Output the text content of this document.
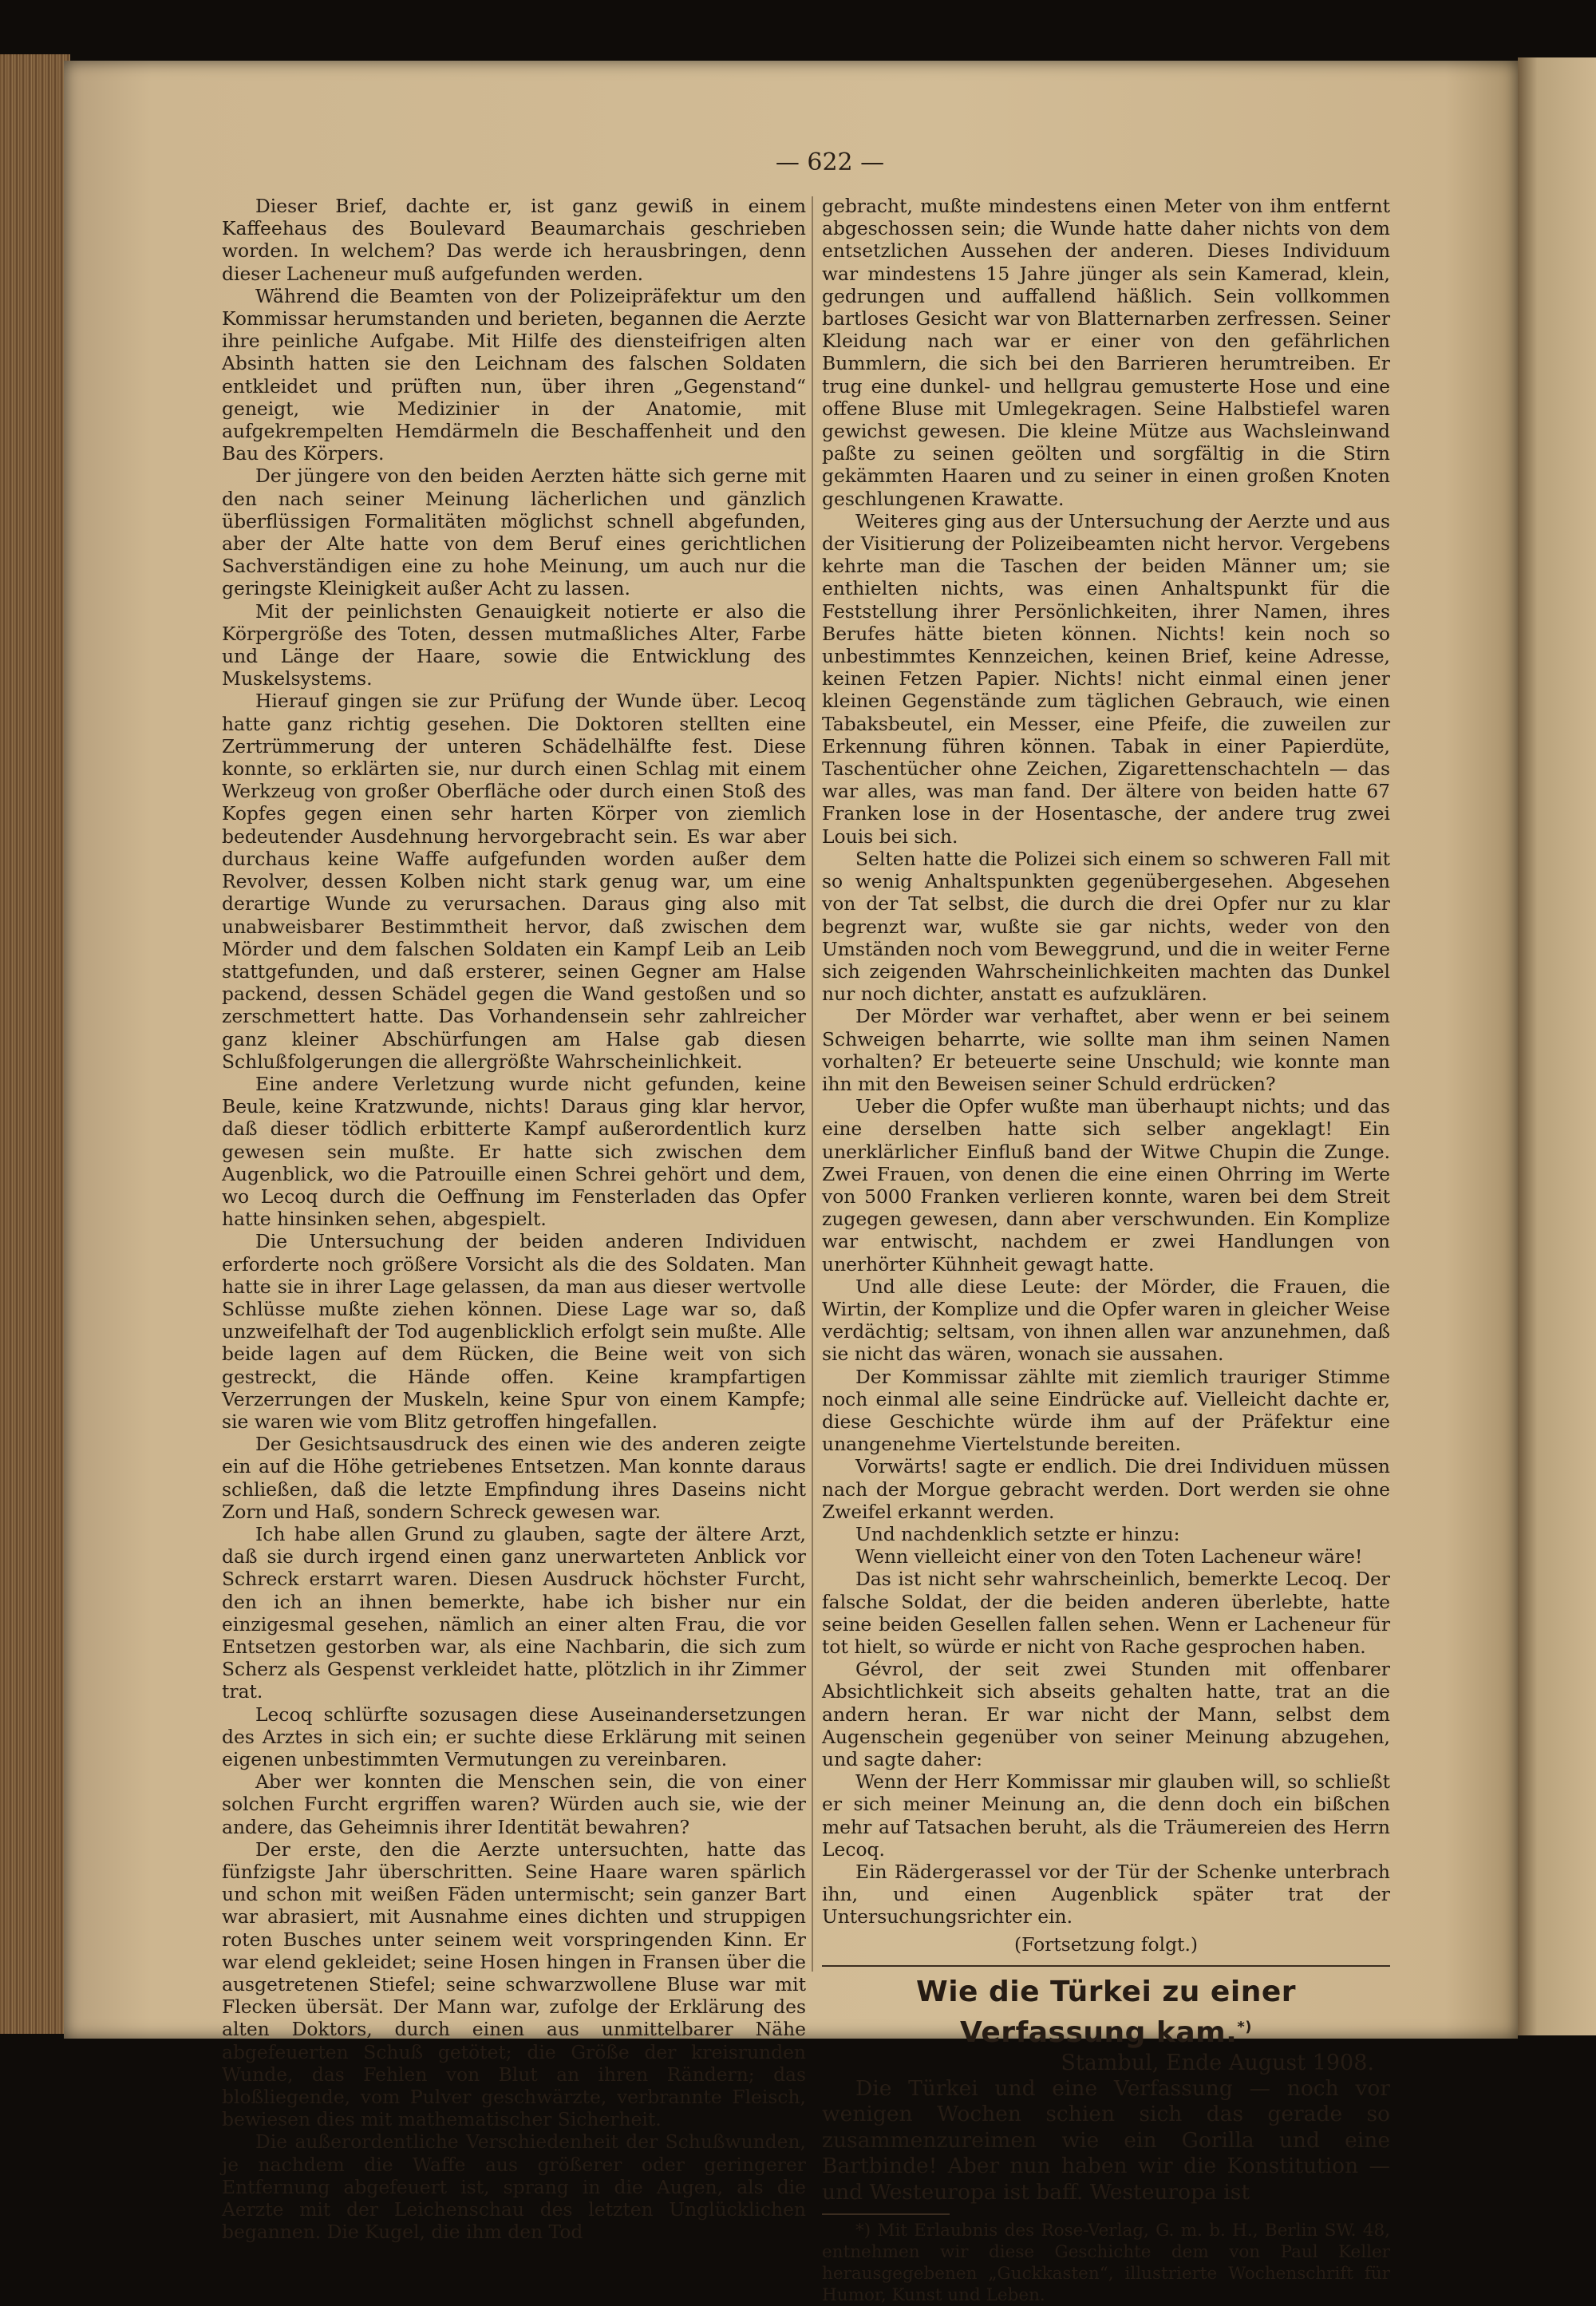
— 622 —

Dieser Brief, dachte er, ist ganz gewiß in einem Kaffeehaus des Boulevard Beaumarchais geschrieben worden. In welchem? Das werde ich herausbringen, denn dieser Lacheneur muß aufgefunden werden.

Während die Beamten von der Polizeipräfektur um den Kommissar herumstanden und berieten, begannen die Aerzte ihre peinliche Aufgabe. Mit Hilfe des diensteifrigen alten Absinth hatten sie den Leichnam des falschen Soldaten entkleidet und prüften nun, über ihren „Gegenstand“ geneigt, wie Medizinier in der Anatomie, mit aufgekrempelten Hemdärmeln die Beschaffenheit und den Bau des Körpers.

Der jüngere von den beiden Aerzten hätte sich gerne mit den nach seiner Meinung lächerlichen und gänzlich überflüssigen Formalitäten möglichst schnell abgefunden, aber der Alte hatte von dem Beruf eines gerichtlichen Sachverständigen eine zu hohe Meinung, um auch nur die geringste Kleinigkeit außer Acht zu lassen.

Mit der peinlichsten Genauigkeit notierte er also die Körpergröße des Toten, dessen mutmaßliches Alter, Farbe und Länge der Haare, sowie die Entwicklung des Muskelsystems.

Hierauf gingen sie zur Prüfung der Wunde über. Lecoq hatte ganz richtig gesehen. Die Doktoren stellten eine Zertrümmerung der unteren Schädelhälfte fest. Diese konnte, so erklärten sie, nur durch einen Schlag mit einem Werkzeug von großer Oberfläche oder durch einen Stoß des Kopfes gegen einen sehr harten Körper von ziemlich bedeutender Ausdehnung hervorgebracht sein. Es war aber durchaus keine Waffe aufgefunden worden außer dem Revolver, dessen Kolben nicht stark genug war, um eine derartige Wunde zu verursachen. Daraus ging also mit unabweisbarer Bestimmtheit hervor, daß zwischen dem Mörder und dem falschen Soldaten ein Kampf Leib an Leib stattgefunden, und daß ersterer, seinen Gegner am Halse packend, dessen Schädel gegen die Wand gestoßen und so zerschmettert hatte. Das Vorhandensein sehr zahlreicher ganz kleiner Abschürfungen am Halse gab diesen Schlußfolgerungen die allergrößte Wahrscheinlichkeit.

Eine andere Verletzung wurde nicht gefunden, keine Beule, keine Kratzwunde, nichts! Daraus ging klar hervor, daß dieser tödlich erbitterte Kampf außerordentlich kurz gewesen sein mußte. Er hatte sich zwischen dem Augenblick, wo die Patrouille einen Schrei gehört und dem, wo Lecoq durch die Oeffnung im Fensterladen das Opfer hatte hinsinken sehen, abgespielt.

Die Untersuchung der beiden anderen Individuen erforderte noch größere Vorsicht als die des Soldaten. Man hatte sie in ihrer Lage gelassen, da man aus dieser wertvolle Schlüsse mußte ziehen können. Diese Lage war so, daß unzweifelhaft der Tod augenblicklich erfolgt sein mußte. Alle beide lagen auf dem Rücken, die Beine weit von sich gestreckt, die Hände offen. Keine krampfartigen Verzerrungen der Muskeln, keine Spur von einem Kampfe; sie waren wie vom Blitz getroffen hingefallen.

Der Gesichtsausdruck des einen wie des anderen zeigte ein auf die Höhe getriebenes Entsetzen. Man konnte daraus schließen, daß die letzte Empfindung ihres Daseins nicht Zorn und Haß, sondern Schreck gewesen war.

Ich habe allen Grund zu glauben, sagte der ältere Arzt, daß sie durch irgend einen ganz unerwarteten Anblick vor Schreck erstarrt waren. Diesen Ausdruck höchster Furcht, den ich an ihnen bemerkte, habe ich bisher nur ein einzigesmal gesehen, nämlich an einer alten Frau, die vor Entsetzen gestorben war, als eine Nachbarin, die sich zum Scherz als Gespenst verkleidet hatte, plötzlich in ihr Zimmer trat.

Lecoq schlürfte sozusagen diese Auseinandersetzungen des Arztes in sich ein; er suchte diese Erklärung mit seinen eigenen unbestimmten Vermutungen zu vereinbaren.

Aber wer konnten die Menschen sein, die von einer solchen Furcht ergriffen waren? Würden auch sie, wie der andere, das Geheimnis ihrer Identität bewahren?

Der erste, den die Aerzte untersuchten, hatte das fünfzigste Jahr überschritten. Seine Haare waren spärlich und schon mit weißen Fäden untermischt; sein ganzer Bart war abrasiert, mit Ausnahme eines dichten und struppigen roten Busches unter seinem weit vorspringenden Kinn. Er war elend gekleidet; seine Hosen hingen in Fransen über die ausgetretenen Stiefel; seine schwarzwollene Bluse war mit Flecken übersät. Der Mann war, zufolge der Erklärung des alten Doktors, durch einen aus unmittelbarer Nähe abgefeuerten Schuß getötet; die Größe der kreisrunden Wunde, das Fehlen von Blut an ihren Rändern; das bloßliegende, vom Pulver geschwärzte, verbrannte Fleisch, bewiesen dies mit mathematischer Sicherheit.

Die außerordentliche Verschiedenheit der Schußwunden, je nachdem die Waffe aus größerer oder geringerer Entfernung abgefeuert ist, sprang in die Augen, als die Aerzte mit der Leichenschau des letzten Unglücklichen begannen. Die Kugel, die ihm den Tod

gebracht, mußte mindestens einen Meter von ihm entfernt abgeschossen sein; die Wunde hatte daher nichts von dem entsetzlichen Aussehen der anderen. Dieses Individuum war mindestens 15 Jahre jünger als sein Kamerad, klein, gedrungen und auffallend häßlich. Sein vollkommen bartloses Gesicht war von Blatternarben zerfressen. Seiner Kleidung nach war er einer von den gefährlichen Bummlern, die sich bei den Barrieren herumtreiben. Er trug eine dunkel- und hellgrau gemusterte Hose und eine offene Bluse mit Umlegekragen. Seine Halbstiefel waren gewichst gewesen. Die kleine Mütze aus Wachsleinwand paßte zu seinen geölten und sorgfältig in die Stirn gekämmten Haaren und zu seiner in einen großen Knoten geschlungenen Krawatte.

Weiteres ging aus der Untersuchung der Aerzte und aus der Visitierung der Polizeibeamten nicht hervor. Vergebens kehrte man die Taschen der beiden Männer um; sie enthielten nichts, was einen Anhaltspunkt für die Feststellung ihrer Persönlichkeiten, ihrer Namen, ihres Berufes hätte bieten können. Nichts! kein noch so unbestimmtes Kennzeichen, keinen Brief, keine Adresse, keinen Fetzen Papier. Nichts! nicht einmal einen jener kleinen Gegenstände zum täglichen Gebrauch, wie einen Tabaksbeutel, ein Messer, eine Pfeife, die zuweilen zur Erkennung führen können. Tabak in einer Papierdüte, Taschentücher ohne Zeichen, Zigarettenschachteln — das war alles, was man fand. Der ältere von beiden hatte 67 Franken lose in der Hosentasche, der andere trug zwei Louis bei sich.

Selten hatte die Polizei sich einem so schweren Fall mit so wenig Anhaltspunkten gegenübergesehen. Abgesehen von der Tat selbst, die durch die drei Opfer nur zu klar begrenzt war, wußte sie gar nichts, weder von den Umständen noch vom Beweggrund, und die in weiter Ferne sich zeigenden Wahrscheinlichkeiten machten das Dunkel nur noch dichter, anstatt es aufzuklären.

Der Mörder war verhaftet, aber wenn er bei seinem Schweigen beharrte, wie sollte man ihm seinen Namen vorhalten? Er beteuerte seine Unschuld; wie konnte man ihn mit den Beweisen seiner Schuld erdrücken?

Ueber die Opfer wußte man überhaupt nichts; und das eine derselben hatte sich selber angeklagt! Ein unerklärlicher Einfluß band der Witwe Chupin die Zunge. Zwei Frauen, von denen die eine einen Ohrring im Werte von 5000 Franken verlieren konnte, waren bei dem Streit zugegen gewesen, dann aber verschwunden. Ein Komplize war entwischt, nachdem er zwei Handlungen von unerhörter Kühnheit gewagt hatte.

Und alle diese Leute: der Mörder, die Frauen, die Wirtin, der Komplize und die Opfer waren in gleicher Weise verdächtig; seltsam, von ihnen allen war anzunehmen, daß sie nicht das wären, wonach sie aussahen.

Der Kommissar zählte mit ziemlich trauriger Stimme noch einmal alle seine Eindrücke auf. Vielleicht dachte er, diese Geschichte würde ihm auf der Präfektur eine unangenehme Viertelstunde bereiten.

Vorwärts! sagte er endlich. Die drei Individuen müssen nach der Morgue gebracht werden. Dort werden sie ohne Zweifel erkannt werden.

Und nachdenklich setzte er hinzu:

Wenn vielleicht einer von den Toten Lacheneur wäre!

Das ist nicht sehr wahrscheinlich, bemerkte Lecoq. Der falsche Soldat, der die beiden anderen überlebte, hatte seine beiden Gesellen fallen sehen. Wenn er Lacheneur für tot hielt, so würde er nicht von Rache gesprochen haben.

Gévrol, der seit zwei Stunden mit offenbarer Absichtlichkeit sich abseits gehalten hatte, trat an die andern heran. Er war nicht der Mann, selbst dem Augenschein gegenüber von seiner Meinung abzugehen, und sagte daher:

Wenn der Herr Kommissar mir glauben will, so schließt er sich meiner Meinung an, die denn doch ein bißchen mehr auf Tatsachen beruht, als die Träumereien des Herrn Lecoq.

Ein Rädergerassel vor der Tür der Schenke unterbrach ihn, und einen Augenblick später trat der Untersuchungsrichter ein.

(Fortsetzung folgt.)

Wie die Türkei zu einer Verfassung kam.*)

Stambul, Ende August 1908.

Die Türkei und eine Verfassung — noch vor wenigen Wochen schien sich das gerade so zusammenzureimen wie ein Gorilla und eine Bartbinde! Aber nun haben wir die Konstitution — und Westeuropa ist baff. Westeuropa ist

*) Mit Erlaubnis des Rose-Verlag, G. m. b. H., Berlin SW. 48, entnehmen wir diese Geschichte dem von Paul Keller herausgegebenen „Guckkasten“, illustrierte Wochenschrift für Humor, Kunst und Leben.
